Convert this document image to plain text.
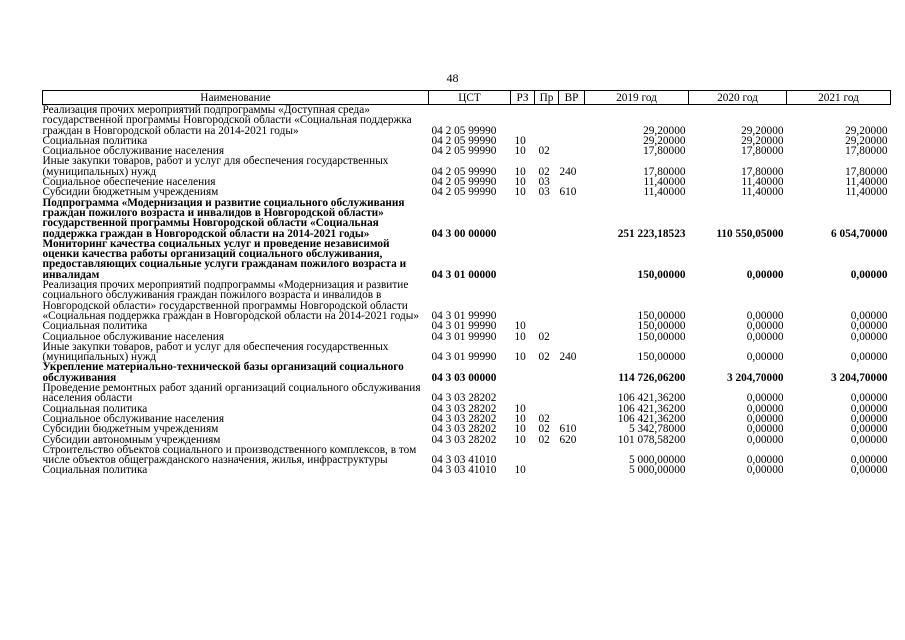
48
Наименование	ЦСТ	РЗ	Пр	ВР	2019 год	2020 год	2021 год
Реализация прочих мероприятий подпрограммы «Доступная среда» государственной программы Новгородской области «Социальная поддержка граждан в Новгородской области на 2014-2021 годы»	04 2 05 99990				29,20000	29,20000	29,20000
Социальная политика	04 2 05 99990	10			29,20000	29,20000	29,20000
Социальное обслуживание населения	04 2 05 99990	10	02		17,80000	17,80000	17,80000
Иные закупки товаров, работ и услуг для обеспечения государственных (муниципальных) нужд	04 2 05 99990	10	02	240	17,80000	17,80000	17,80000
Социальное обеспечение населения	04 2 05 99990	10	03		11,40000	11,40000	11,40000
Субсидии бюджетным учреждениям	04 2 05 99990	10	03	610	11,40000	11,40000	11,40000
Подпрограмма «Модернизация и развитие социального обслуживания граждан пожилого возраста и инвалидов в Новгородской области» государственной программы Новгородской области «Социальная поддержка граждан в Новгородской области на 2014-2021 годы»	04 3 00 00000				251 223,18523	110 550,05000	6 054,70000
Мониторинг качества социальных услуг и проведение независимой оценки качества работы организаций социального обслуживания, предоставляющих социальные услуги гражданам пожилого возраста и инвалидам	04 3 01 00000				150,00000	0,00000	0,00000
Реализация прочих мероприятий подпрограммы «Модернизация и развитие социального обслуживания граждан пожилого возраста и инвалидов в Новгородской области» государственной программы Новгородской области «Социальная поддержка граждан в Новгородской области на 2014-2021 годы»	04 3 01 99990				150,00000	0,00000	0,00000
Социальная политика	04 3 01 99990	10			150,00000	0,00000	0,00000
Социальное обслуживание населения	04 3 01 99990	10	02		150,00000	0,00000	0,00000
Иные закупки товаров, работ и услуг для обеспечения государственных (муниципальных) нужд	04 3 01 99990	10	02	240	150,00000	0,00000	0,00000
Укрепление материально-технической базы организаций социального обслуживания	04 3 03 00000				114 726,06200	3 204,70000	3 204,70000
Проведение ремонтных работ зданий организаций социального обслуживания населения области	04 3 03 28202				106 421,36200	0,00000	0,00000
Социальная политика	04 3 03 28202	10			106 421,36200	0,00000	0,00000
Социальное обслуживание населения	04 3 03 28202	10	02		106 421,36200	0,00000	0,00000
Субсидии бюджетным учреждениям	04 3 03 28202	10	02	610	5 342,78000	0,00000	0,00000
Субсидии автономным учреждениям	04 3 03 28202	10	02	620	101 078,58200	0,00000	0,00000
Строительство объектов социального и производственного комплексов, в том числе объектов общегражданского назначения, жилья, инфраструктуры	04 3 03 41010				5 000,00000	0,00000	0,00000
Социальная политика	04 3 03 41010	10			5 000,00000	0,00000	0,00000
